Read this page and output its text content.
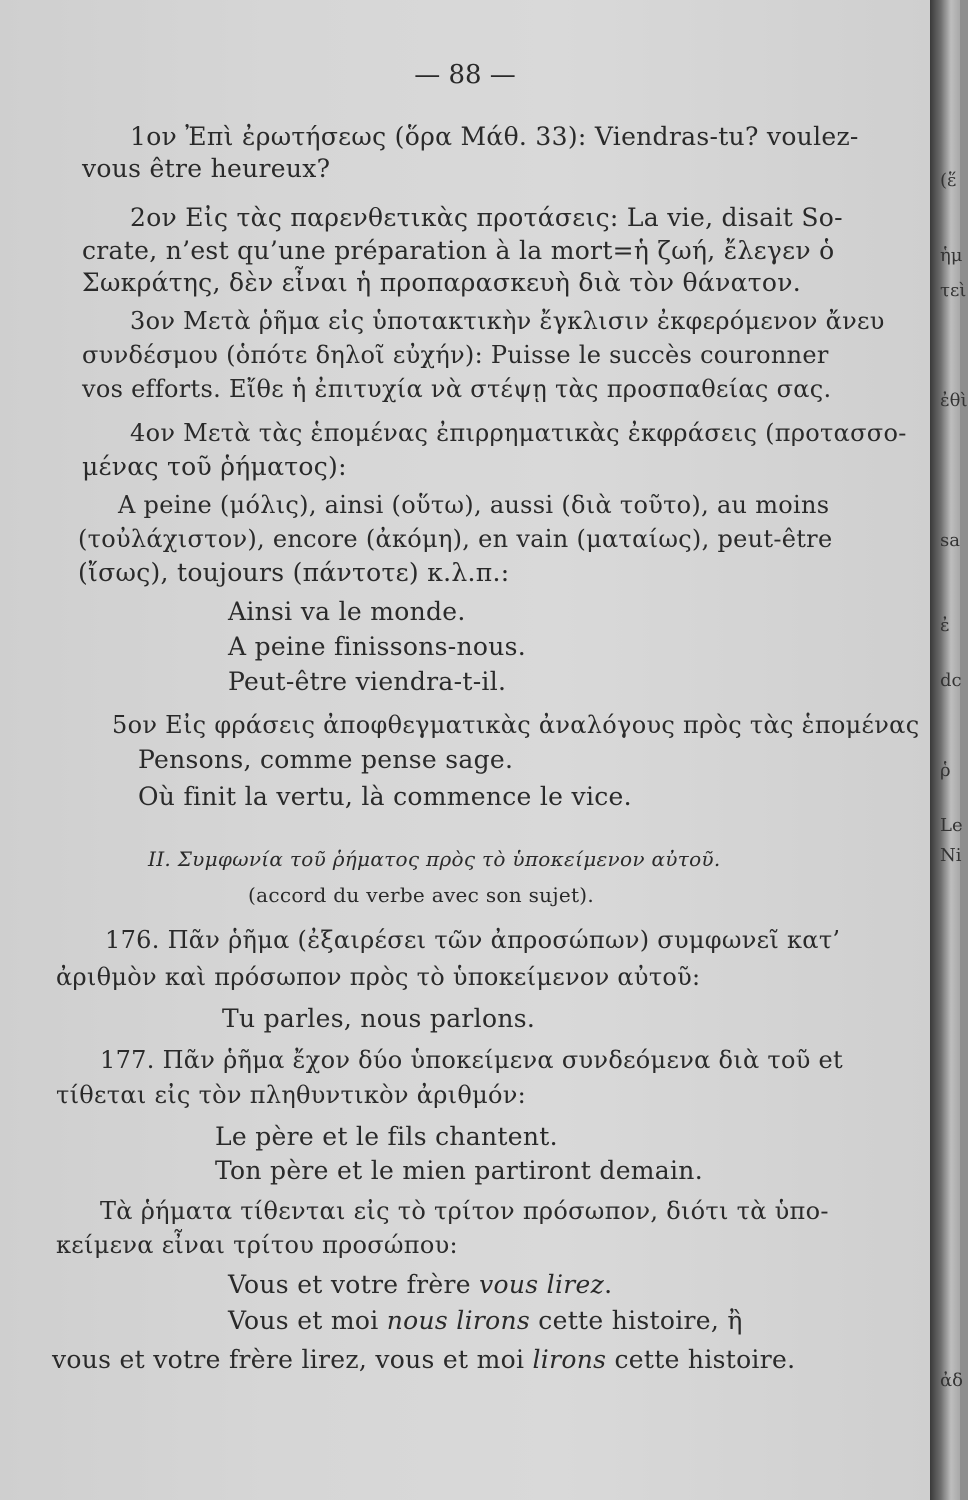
— 88 —
1ον Ἐπὶ ἐρωτήσεως (ὅρα Μάθ. 33): Viendras-tu? voulez-
vous être heureux?
2ον Εἰς τὰς παρενθετικὰς προτάσεις: La vie, disait So-
crate, n’est qu’une préparation à la mort=ἡ ζωή, ἔλεγεν ὁ
Σωκράτης, δὲν εἶναι ἡ προπαρασκευὴ διὰ τὸν θάνατον.
3ον Μετὰ ῥῆμα εἰς ὑποτακτικὴν ἔγκλισιν ἐκφερόμενον ἄνευ
συνδέσμου (ὁπότε δηλοῖ εὐχήν): Puisse le succès couronner
vos efforts. Εἴθε ἡ ἐπιτυχία νὰ στέψῃ τὰς προσπαθείας σας.
4ον Μετὰ τὰς ἑπομένας ἐπιρρηματικὰς ἐκφράσεις (προτασσο-
μένας τοῦ ῥήματος):
A peine (μόλις), ainsi (οὕτω), aussi (διὰ τοῦτο), au moins
(τοὐλάχιστον), encore (ἀκόμη), en vain (ματαίως), peut-être
(ἴσως), toujours (πάντοτε) κ.λ.π.:
Ainsi va le monde.
A peine finissons-nous.
Peut-être viendra-t-il.
5ον Εἰς φράσεις ἀποφθεγματικὰς ἀναλόγους πρὸς τὰς ἑπομένας
Pensons, comme pense sage.
Où finit la vertu, là commence le vice.
II. Συμφωνία τοῦ ῥήματος πρὸς τὸ ὑποκείμενον αὐτοῦ.
(accord du verbe avec son sujet).
176. Πᾶν ῥῆμα (ἐξαιρέσει τῶν ἀπροσώπων) συμφωνεῖ κατ’
ἀριθμὸν καὶ πρόσωπον πρὸς τὸ ὑποκείμενον αὐτοῦ:
Tu parles, nous parlons.
177. Πᾶν ῥῆμα ἔχον δύο ὑποκείμενα συνδεόμενα διὰ τοῦ et
τίθεται εἰς τὸν πληθυντικὸν ἀριθμόν:
Le père et le fils chantent.
Ton père et le mien partiront demain.
Τὰ ῥήματα τίθενται εἰς τὸ τρίτον πρόσωπον, διότι τὰ ὑπο-
κείμενα εἶναι τρίτου προσώπου:
Vous et votre frère vous lirez.
Vous et moi nous lirons cette histoire, ἢ
vous et votre frère lirez, vous et moi lirons cette histoire.
(ἕ
ἡμ
τεὶ
ἐθὶ
sa
ἐ
dc
ῥ
Le
Ni
ἀδ
